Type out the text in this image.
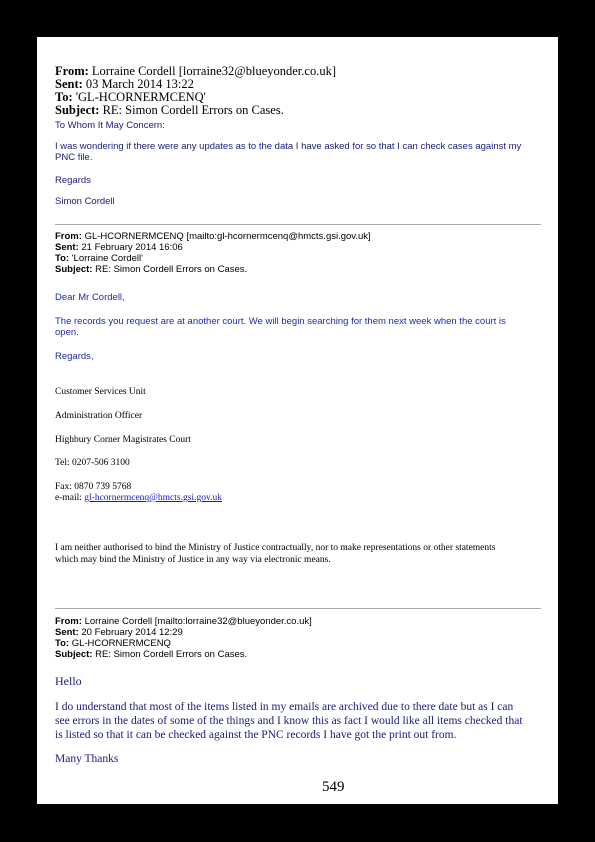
From: Lorraine Cordell [lorraine32@blueyonder.co.uk]
Sent: 03 March 2014 13:22
To: 'GL-HCORNERMCENQ'
Subject: RE: Simon Cordell Errors on Cases.
To Whom It May Concern:
I was wondering if there were any updates as to the data I have asked for so that I can check cases against my
PNC file.
Regards
Simon Cordell
From: GL-HCORNERMCENQ [mailto:gl-hcornermcenq@hmcts.gsi.gov.uk]
Sent: 21 February 2014 16:06
To: 'Lorraine Cordell'
Subject: RE: Simon Cordell Errors on Cases.
Dear Mr Cordell,
The records you request are at another court. We will begin searching for them next week when the court is
open.
Regards,
Customer Services Unit
Administration Officer
Highbury Corner Magistrates Court
Tel: 0207-506 3100
Fax: 0870 739 5768
e-mail: gl-hcornermcenq@hmcts.gsi.gov.uk
I am neither authorised to bind the Ministry of Justice contractually, nor to make representations or other statements
which may bind the Ministry of Justice in any way via electronic means.
From: Lorraine Cordell [mailto:lorraine32@blueyonder.co.uk]
Sent: 20 February 2014 12:29
To: GL-HCORNERMCENQ
Subject: RE: Simon Cordell Errors on Cases.
Hello
I do understand that most of the items listed in my emails are archived due to there date but as I can
see errors in the dates of some of the things and I know this as fact I would like all items checked that
is listed so that it can be checked against the PNC records I have got the print out from.
Many Thanks
549
